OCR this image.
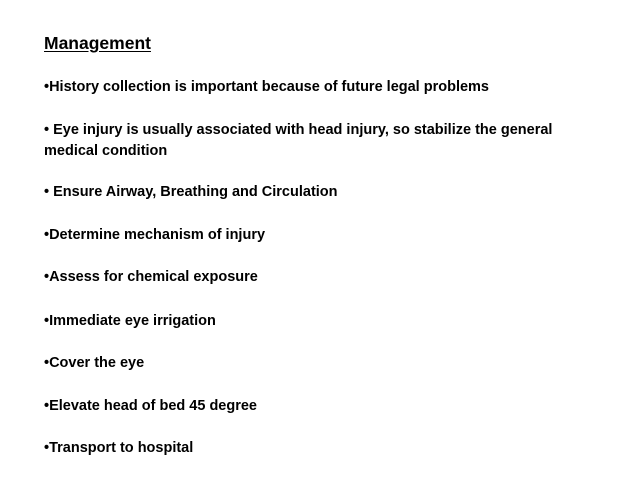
Management
•History collection is important because of future legal problems
• Eye injury is usually associated with head injury, so stabilize the general medical condition
• Ensure Airway, Breathing and Circulation
•Determine mechanism of injury
•Assess for chemical exposure
•Immediate eye irrigation
•Cover the eye
•Elevate head of bed 45 degree
•Transport to hospital
